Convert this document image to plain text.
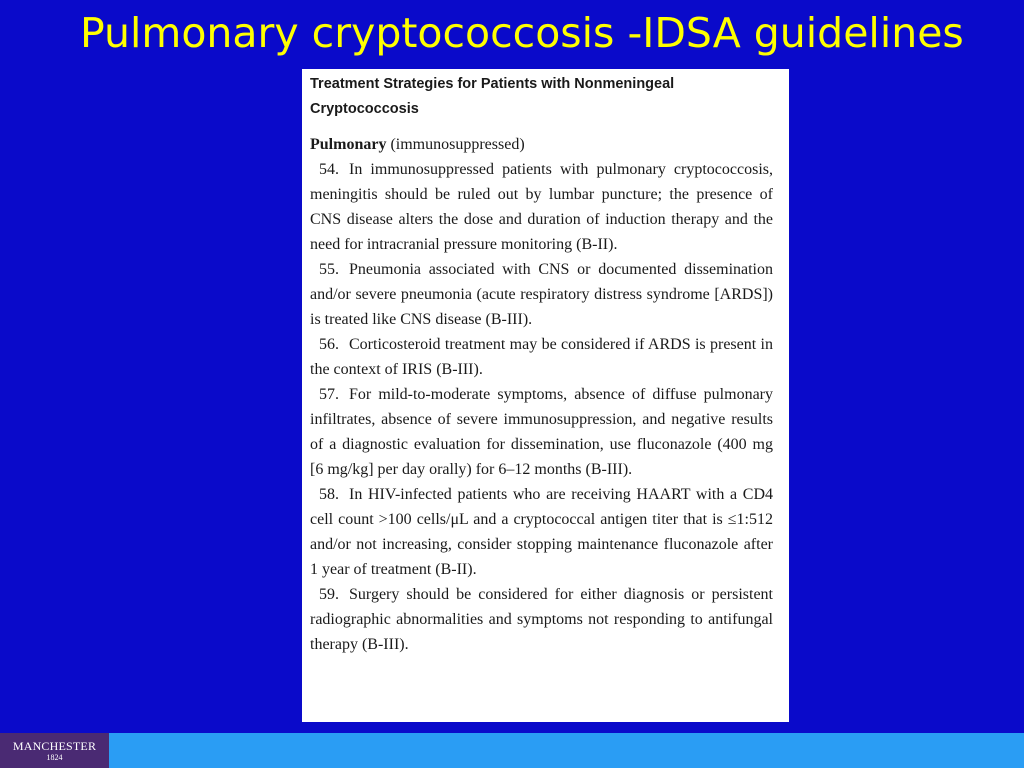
Pulmonary cryptococcosis -IDSA guidelines
Treatment Strategies for Patients with Nonmeningeal
Cryptococcosis

Pulmonary (immunosuppressed)

54. In immunosuppressed patients with pulmonary cryptococcosis, meningitis should be ruled out by lumbar puncture; the presence of CNS disease alters the dose and duration of induction therapy and the need for intracranial pressure monitoring (B-II).

55. Pneumonia associated with CNS or documented dissemination and/or severe pneumonia (acute respiratory distress syndrome [ARDS]) is treated like CNS disease (B-III).

56. Corticosteroid treatment may be considered if ARDS is present in the context of IRIS (B-III).

57. For mild-to-moderate symptoms, absence of diffuse pulmonary infiltrates, absence of severe immunosuppression, and negative results of a diagnostic evaluation for dissemination, use fluconazole (400 mg [6 mg/kg] per day orally) for 6–12 months (B-III).

58. In HIV-infected patients who are receiving HAART with a CD4 cell count >100 cells/μL and a cryptococcal antigen titer that is ≤1:512 and/or not increasing, consider stopping maintenance fluconazole after 1 year of treatment (B-II).

59. Surgery should be considered for either diagnosis or persistent radiographic abnormalities and symptoms not responding to antifungal therapy (B-III).

MANCHESTER
1824
